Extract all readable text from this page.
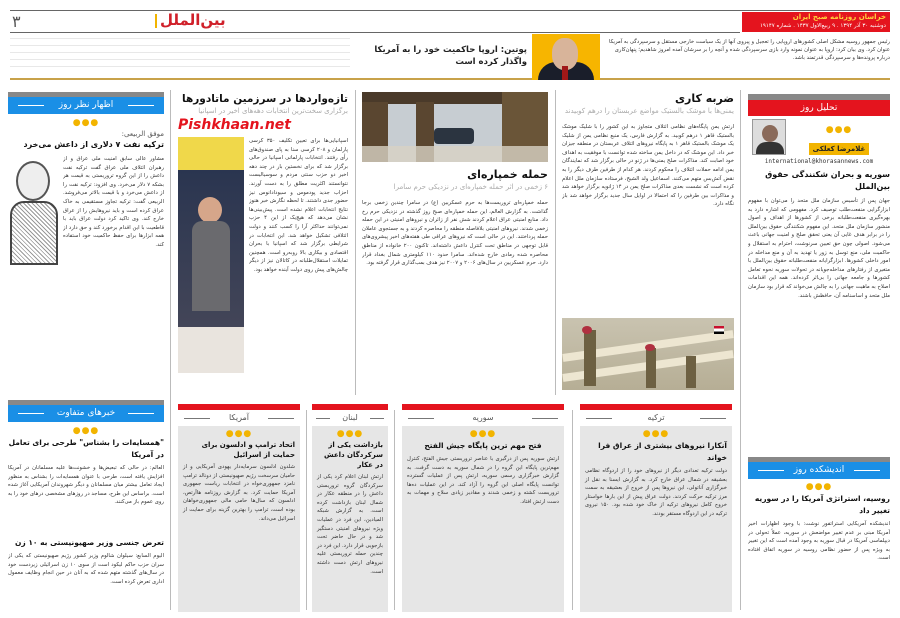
۳	بین‌الملل	خراسان روزنامه صبح ایران
دوشنبه ۳۰ آذر ۱۳۹۴ . ۹ ربیع‌الاول ۱۴۳۷ . شماره ۱۹۱۴۷
پوتین: اروپا حاکمیت خود را به آمریکا
واگذار کرده است
رئیس جمهور روسیه مشکل اصلی کشورهای اروپایی را تعجیل و پیروی آنها از یک سیاست خارجی مستقل و سرسپردگی به آمریکا عنوان کرد. وی بیان کرد: اروپا به عنوان نمونه وارد بازی سرسپردگی شده و آنچه را بر سرشان آمده امروز شاهدیم؛ پنهان‌کاری درباره پرونده‌ها و سرسپردگی قدرتمند باشد.
تحلیل روز
●●●
غلامرضا کعلکی
international@khorasannews.com
سوریه و بحران شکنندگی حقوق بین‌الملل
جهان پس از تأسیس سازمان ملل متحد را می‌توان با مفهوم ابزارگرایی منفعت‌طلب توصیف کرد. مفهومی که اشاره دارد به بهره‌گیری منفعت‌طلبانه برخی از کشورها از اهداف و اصول منشور سازمان ملل متحد. این مفهوم شکنندگی حقوق بین‌الملل را در برابر هدف غایی آن یعنی تحقق صلح و امنیت جهانی باعث می‌شود. اصولی چون حق تعیین سرنوشت، احترام به استقلال و حاکمیت ملی، منع توسل به زور یا تهدید به آن و منع مداخله در امور داخلی کشورها. ابزارگرایانه منفعت‌طلبانه حقوق بین‌الملل با متغیری از رفتارهای مداخله‌جویانه در تحولات سوریه نحوه تعامل کشورها و جامعه جهانی را بی‌اثر کرده‌اند. همه این اقدامات اصلاح به ماهیت جهانی را به چالش می‌خواند که قرار بود سازمان ملل متحد و اساسنامه آن، حافظش باشند.
اندیشکده روز
●●●
روسیه، استراتژی آمریکا را در سوریه تغییر داد
اندیشکده آمریکایی استراتفور نوشت: با وجود اظهارات اخیر آمریکا مبنی بر عدم تغییر مواضعش در سوریه، عملاً تحولی در دیپلماسی آمریکا در قبال سوریه به وجود آمده است که این تغییر به ویژه پس از حضور نظامی روسیه در سوریه اتفاق افتاده است.
ضربه کاری
یمنی‌ها با موشک بالستیک مواضع عربستان را درهم کوبیدند
ارتش یمن پایگاه‌های نظامی ائتلاف متجاوز به این کشور را با شلیک موشک بالستیک قاهر ۱ درهم کوبید. به گزارش فارس، یک منبع نظامی یمن از شلیک یک موشک بالستیک قاهر ۱ به پایگاه نیروهای ائتلاف عربستان در منطقه جیزان خبر داد. این موشک که در داخل یمن ساخته شده توانست با موفقیت به اهداف خود اصابت کند. مذاکرات صلح یمنی‌ها در ژنو در حالی برگزار شد که نمایندگان یمن ادامه حملات ائتلاف را محکوم کردند. هر کدام از طرفین طرف دیگر را به نقض آتش‌بس متهم می‌کنند. اسماعیل ولد الشیخ، فرستاده سازمان ملل اعلام کرده است که نشست بعدی مذاکرات صلح یمن در ۱۴ ژانویه برگزار خواهد شد و مذاکرات بین طرفین را که احتمالا در اوایل سال جدید برگزار خواهد شد باز نگاه دارد.
حمله خمپاره‌ای
۶ زخمی در اثر حمله خمپاره‌ای در نزدیکی حرم سامرا
حمله خمپاره‌ای تروریست‌ها به حرم عسکریین (ع) در سامرا چندین زخمی برجا گذاشت. به گزارش العالم، این حمله خمپاره‌ای صبح روز گذشته در نزدیکی حرم رخ داد. منابع امنیتی عراق اعلام کردند شش نفر از زائران و نیروهای امنیتی در این حمله زخمی شدند. نیروهای امنیتی بلافاصله منطقه را محاصره کردند و به جستجوی عاملان حمله پرداختند. این در حالی است که نیروهای عراقی طی هفته‌های اخیر پیشروی‌های قابل توجهی در مناطق تحت کنترل داعش داشته‌اند. تاکنون ۲۰۰ خانواده از مناطق محاصره شده رمادی خارج شده‌اند. سامرا حدود ۱۱۰ کیلومتری شمال بغداد قرار دارد. حرم عسکریین در سال‌های ۲۰۰۶ و ۲۰۰۷ نیز هدف بمب‌گذاری قرار گرفته بود.
تازه‌واردها در سرزمین ماتادورها
برگزاری سخت‌ترین انتخابات دهه‌های اخیر در اسپانیا
Pishkhaan.net
اسپانیایی‌ها برای تعیین تکلیف ۳۵۰ کرسی پارلمان و ۲۰۸ کرسی سنا به پای صندوق‌های رأی رفتند. انتخابات پارلمانی اسپانیا در حالی برگزار شد که برای نخستین بار در چند دهه اخیر دو حزب سنتی مردم و سوسیالیست نتوانستند اکثریت مطلق را به دست آورند. احزاب جدید پودموس و سیودادانوس نیز حضور جدی داشتند. تا لحظه نگارش خبر هنوز نتایج انتخابات اعلام نشده است. پیش‌بینی‌ها نشان می‌دهد که هیچ‌یک از این ۴ حزب نمی‌توانند حداکثر آرا را کسب کنند و دولت ائتلافی تشکیل خواهد شد. این انتخابات در شرایطی برگزار شد که اسپانیا با بحران اقتصادی و بیکاری بالا روبه‌رو است. همچنین تمایلات استقلال‌طلبانه در کاتالان نیز از دیگر چالش‌های پیش روی دولت آینده خواهد بود.
اظهار نظر روز
●●●
موفق الربیعی:
ترکیه نفت ۷ دلاری از داعش می‌خرد
مشاور عالی سابق امنیت ملی عراق و از رهبران ائتلاف ملی عراق گفت ترکیه نفت داعش را از این گروه تروریستی به قیمت هر بشکه ۷ دلار می‌خرد. وی افزود: ترکیه نفت را از داعش می‌خرد و با قیمت بالاتر می‌فروشد. الربیعی گفت: ترکیه تجاوز مستقیمی به خاک عراق کرده است و باید نیروهایش را از عراق خارج کند. وی تاکید کرد دولت عراق باید با قاطعیت با این اقدام برخورد کند و حق دارد از همه ابزارها برای حفظ حاکمیت خود استفاده کند.
خبرهای متفاوت
●●●
"همسایه‌ات را بشناس" طرحی برای تعامل در آمریکا
العالم: در حالی که تبعیض‌ها و خشونت‌ها علیه مسلمانان در آمریکا افزایش یافته است، طرحی با عنوان همسایه‌ات را بشناس به منظور ایجاد تعامل بیشتر میان مسلمانان و دیگر شهروندان آمریکایی آغاز شده است. براساس این طرح، مساجد در روزهای مشخصی درهای خود را به روی عموم باز می‌کنند.
تعرض جنسی وزیر صهیونیستی به ۱۰ زن
الیوم السابع: سیلوان شالوم وزیر کشور رژیم صهیونیستی که یکی از سران حزب حاکم لیکود است از سوی ۱۰ زن اسرائیلی زیردست خود در سال‌های گذشته متهم شده که به آنان در حین انجام وظایف معمول اداری تعرض کرده است.
ترکیه
●●●
آنکارا نیروهای بیشتری از عراق فرا خواند
دولت ترکیه تعدادی دیگر از نیروهای خود را از اردوگاه نظامی بعشیقه در شمال عراق خارج کرد. به گزارش ایسنا به نقل از خبرگزاری آناتولی، این نیروها پس از خروج از بعشیقه به سمت مرز ترکیه حرکت کردند. دولت عراق پیش از این بارها خواستار خروج کامل نیروهای ترکیه از خاک خود شده بود. ۱۵۰ نیروی ترکیه در این اردوگاه مستقر بودند.
سوریه
●●●
فتح مهم ترین پایگاه جیش الفتح
ارتش سوریه پس از درگیری با عناصر تروریستی جیش الفتح، کنترل مهم‌ترین پایگاه این گروه را در شمال سوریه به دست گرفت. به گزارش خبرگزاری رسمی سوریه، ارتش پس از عملیات گسترده توانست پایگاه اصلی این گروه را آزاد کند. در این عملیات ده‌ها تروریست کشته و زخمی شدند و مقادیر زیادی سلاح و مهمات به دست ارتش افتاد.
لبنان
●●●
بازداشت یکی از سرکردگان داعش در عکار
ارتش لبنان اعلام کرد یکی از سرکردگان گروه تروریستی داعش را در منطقه عکار در شمال لبنان بازداشت کرده است. به گزارش شبکه المیادین، این فرد در عملیات ویژه نیروهای امنیتی دستگیر شد و در حال حاضر تحت بازجویی قرار دارد. این فرد در چندین حمله تروریستی علیه نیروهای ارتش دست داشته است.
آمریکا
●●●
اتحاد ترامپ و ادلسون برای حمایت از اسرائیل
شلدون ادلسون سرمایه‌دار یهودی آمریکایی و از حامیان سرسخت رژیم صهیونیستی از دونالد ترامپ نامزد جمهوری‌خواه در انتخابات ریاست جمهوری آمریکا حمایت کرد. به گزارش روزنامه هاآرتص، ادلسون که سال‌ها حامی مالی جمهوری‌خواهان بوده است، ترامپ را بهترین گزینه برای حمایت از اسرائیل می‌داند.
